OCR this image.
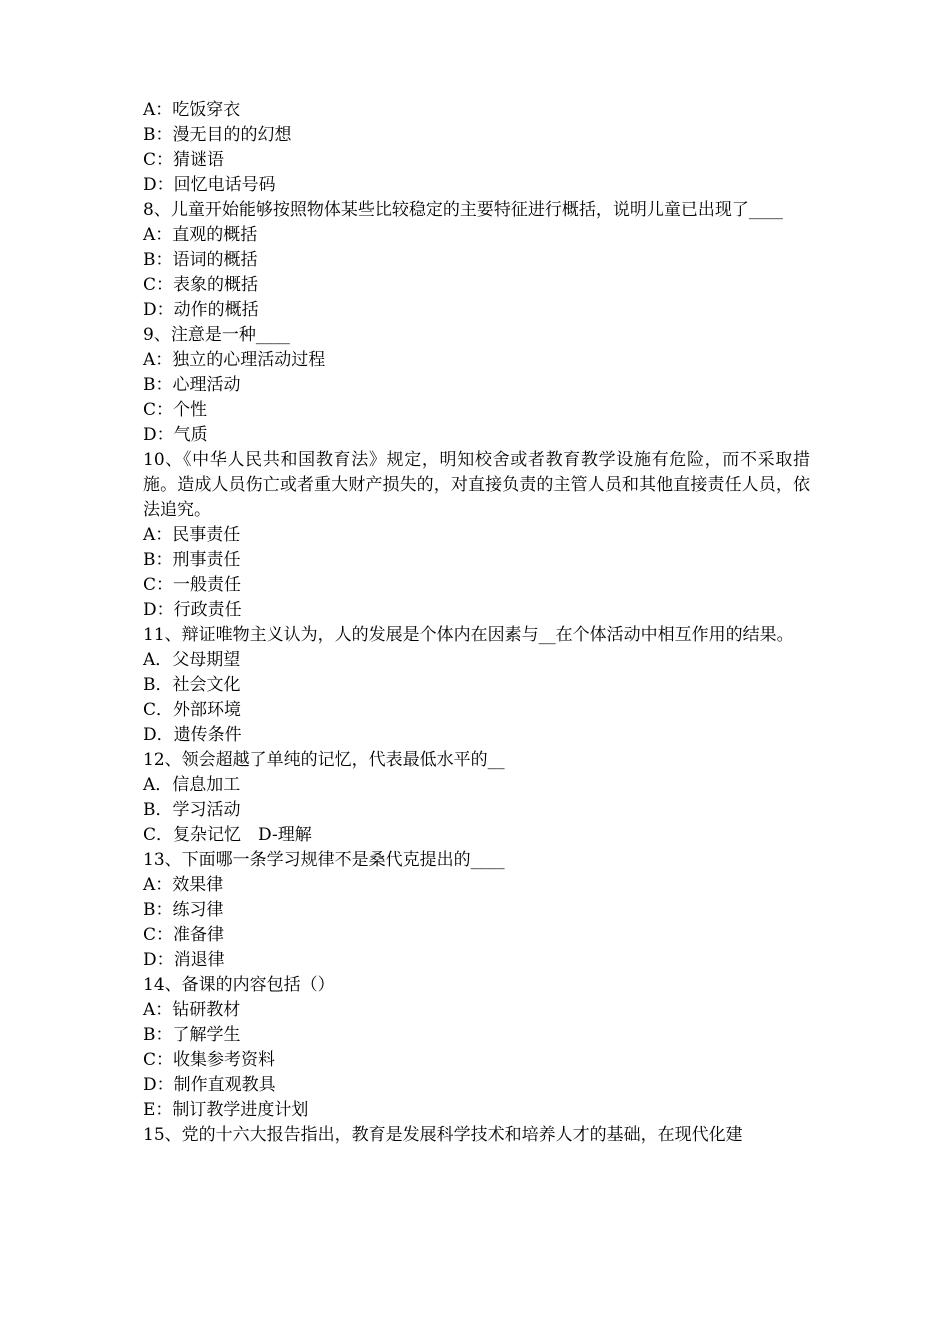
A：吃饭穿衣
B：漫无目的的幻想
C：猜谜语
D：回忆电话号码
8、儿童开始能够按照物体某些比较稳定的主要特征进行概括，说明儿童已出现了____
A：直观的概括
B：语词的概括
C：表象的概括
D：动作的概括
9、注意是一种____
A：独立的心理活动过程
B：心理活动
C：个性
D：气质
10、《中华人民共和国教育法》规定，明知校舍或者教育教学设施有危险，而不采取措施。造成人员伤亡或者重大财产损失的，对直接负责的主管人员和其他直接责任人员，依法追究。
A：民事责任
B：刑事责任
C：一般责任
D：行政责任
11、辩证唯物主义认为，人的发展是个体内在因素与__在个体活动中相互作用的结果。
A．父母期望
B．社会文化
C．外部环境
D．遗传条件
12、领会超越了单纯的记忆，代表最低水平的__
A．信息加工
B．学习活动
C．复杂记忆　D-理解
13、下面哪一条学习规律不是桑代克提出的____
A：效果律
B：练习律
C：准备律
D：消退律
14、备课的内容包括（）
A：钻研教材
B：了解学生
C：收集参考资料
D：制作直观教具
E：制订教学进度计划
15、党的十六大报告指出，教育是发展科学技术和培养人才的基础，在现代化建
